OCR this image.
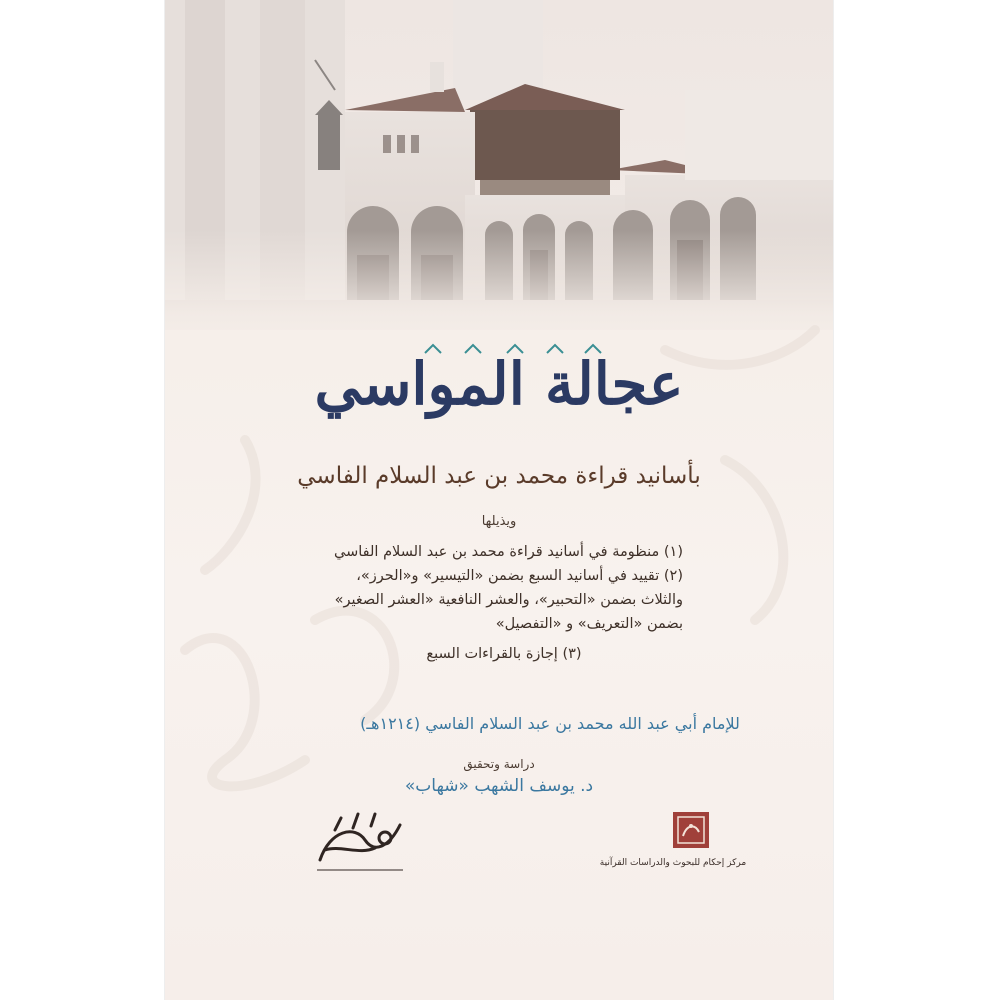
عجالة المواسي
بأسانيد قراءة محمد بن عبد السلام الفاسي
ويذيلها
(١) منظومة في أسانيد قراءة محمد بن عبد السلام الفاسي
(٢) تقييد في أسانيد السبع بضمن «التيسير» و«الحرز»،
والثلاث بضمن «التحبير»، والعشر النافعية «العشر الصغير»
بضمن «التعريف» و «التفصيل»
(٣) إجازة بالقراءات السبع
للإمام أبي عبد الله محمد بن عبد السلام الفاسي (١٢١٤هـ)
دراسة وتحقيق
د. يوسف الشهب «شهاب»
مركز إحكام للبحوث والدراسات القرآنية
